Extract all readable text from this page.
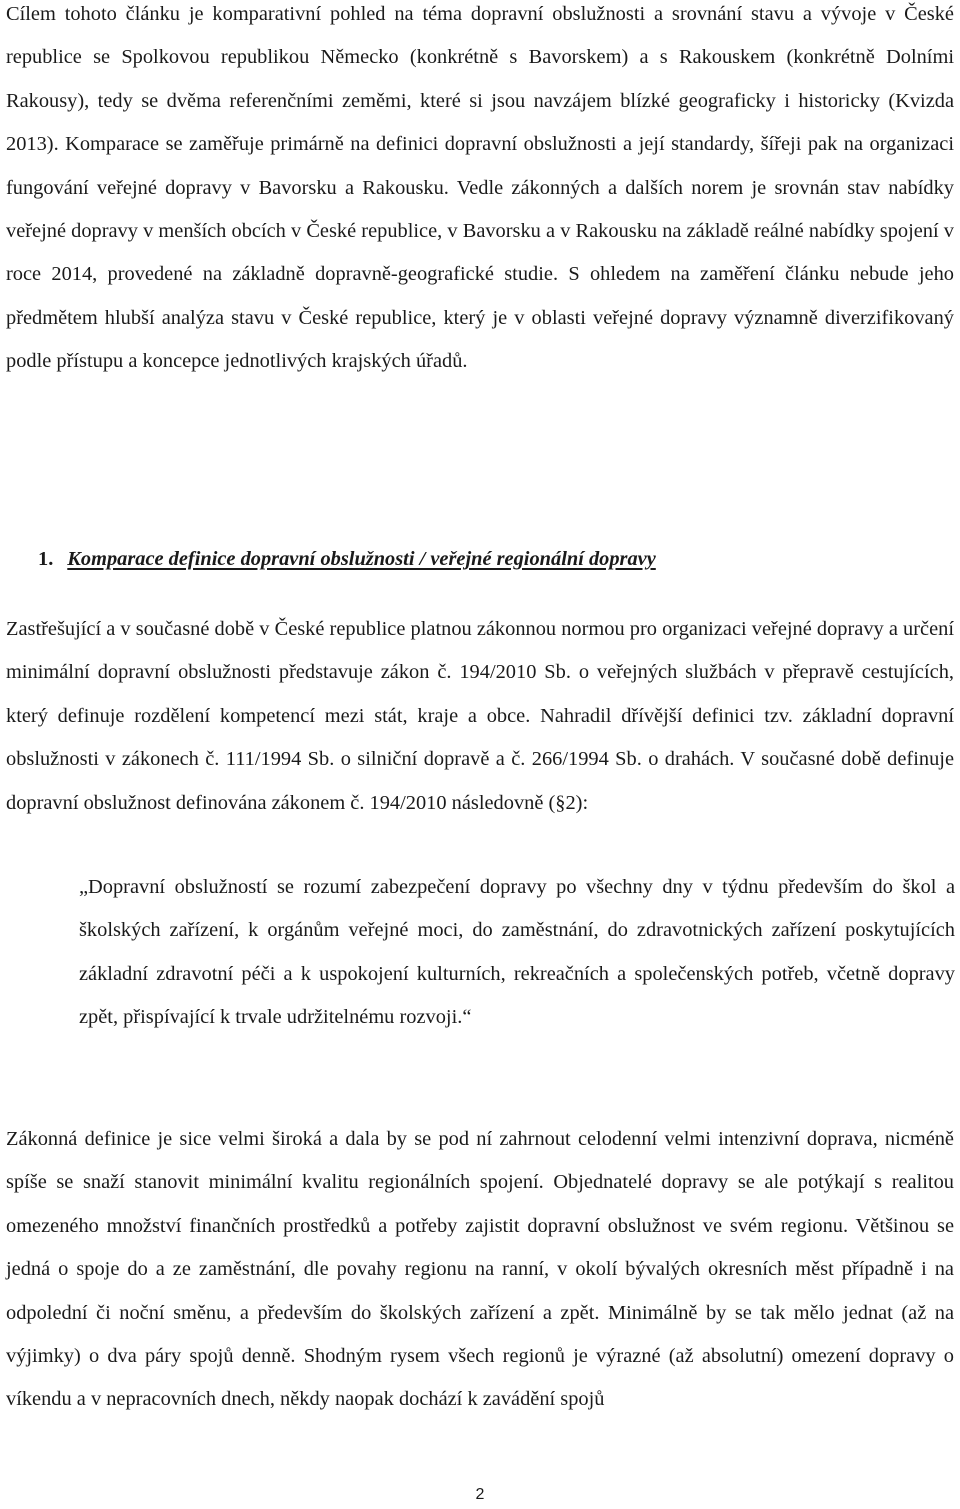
Cílem tohoto článku je komparativní pohled na téma dopravní obslužnosti a srovnání stavu a vývoje v České republice se Spolkovou republikou Německo (konkrétně s Bavorskem) a s Rakouskem (konkrétně Dolními Rakousy), tedy se dvěma referenčními zeměmi, které si jsou navzájem blízké geograficky i historicky (Kvizda 2013). Komparace se zaměřuje primárně na definici dopravní obslužnosti a její standardy, šířeji pak na organizaci fungování veřejné dopravy v Bavorsku a Rakousku. Vedle zákonných a dalších norem je srovnán stav nabídky veřejné dopravy v menších obcích v České republice, v Bavorsku a v Rakousku na základě reálné nabídky spojení v roce 2014, provedené na základně dopravně-geografické studie. S ohledem na zaměření článku nebude jeho předmětem hlubší analýza stavu v České republice, který je v oblasti veřejné dopravy významně diverzifikovaný podle přístupu a koncepce jednotlivých krajských úřadů.

1. Komparace definice dopravní obslužnosti / veřejné regionální dopravy

Zastřešující a v současné době v České republice platnou zákonnou normou pro organizaci veřejné dopravy a určení minimální dopravní obslužnosti představuje zákon č. 194/2010 Sb. o veřejných službách v přepravě cestujících, který definuje rozdělení kompetencí mezi stát, kraje a obce. Nahradil dřívější definici tzv. základní dopravní obslužnosti v zákonech č. 111/1994 Sb. o silniční dopravě a č. 266/1994 Sb. o drahách. V současné době definuje dopravní obslužnost definována zákonem č. 194/2010 následovně (§2):

„Dopravní obslužností se rozumí zabezpečení dopravy po všechny dny v týdnu především do škol a školských zařízení, k orgánům veřejné moci, do zaměstnání, do zdravotnických zařízení poskytujících základní zdravotní péči a k uspokojení kulturních, rekreačních a společenských potřeb, včetně dopravy zpět, přispívající k trvale udržitelnému rozvoji.“

Zákonná definice je sice velmi široká a dala by se pod ní zahrnout celodenní velmi intenzivní doprava, nicméně spíše se snaží stanovit minimální kvalitu regionálních spojení. Objednatelé dopravy se ale potýkají s realitou omezeného množství finančních prostředků a potřeby zajistit dopravní obslužnost ve svém regionu. Většinou se jedná o spoje do a ze zaměstnání, dle povahy regionu na ranní, v okolí bývalých okresních měst případně i na odpolední či noční směnu, a především do školských zařízení a zpět. Minimálně by se tak mělo jednat (až na výjimky) o dva páry spojů denně. Shodným rysem všech regionů je výrazné (až absolutní) omezení dopravy o víkendu a v nepracovních dnech, někdy naopak dochází k zavádění spojů

2
